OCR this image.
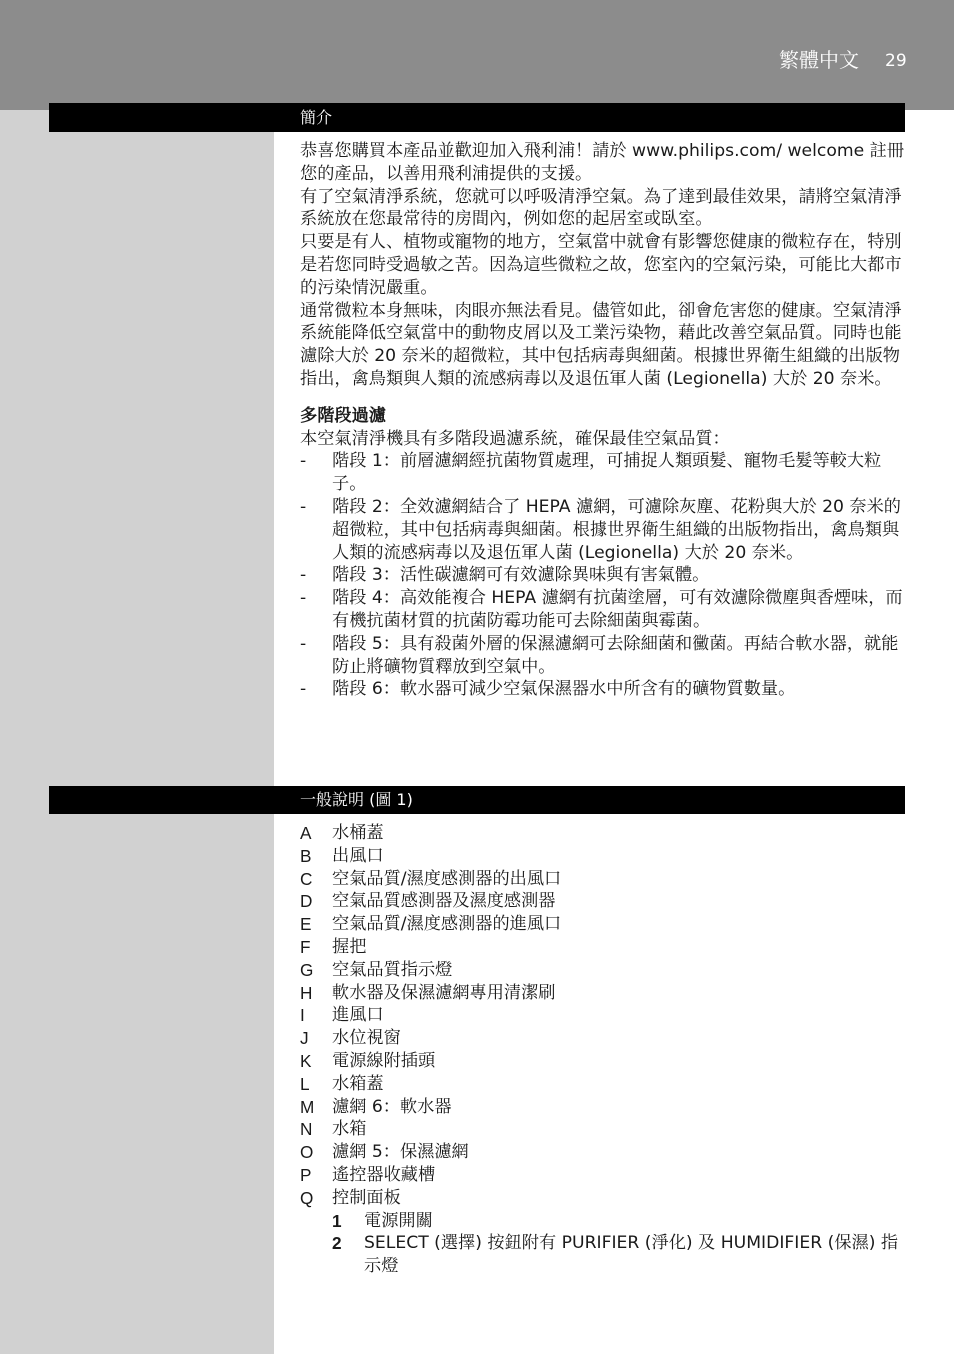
繁體中文 29
簡介

恭喜您購買本產品並歡迎加入飛利浦！請於 www.philips.com/ welcome 註冊您的產品，以善用飛利浦提供的支援。

有了空氣清淨系統，您就可以呼吸清淨空氣。為了達到最佳效果，請將空氣清淨系統放在您最常待的房間內，例如您的起居室或臥室。

只要是有人、植物或寵物的地方，空氣當中就會有影響您健康的微粒存在，特別是若您同時受過敏之苦。因為這些微粒之故，您室內的空氣污染，可能比大都市的污染情況嚴重。

通常微粒本身無味，肉眼亦無法看見。儘管如此，卻會危害您的健康。空氣清淨系統能降低空氣當中的動物皮屑以及工業污染物，藉此改善空氣品質。同時也能濾除大於 20 奈米的超微粒，其中包括病毒與細菌。根據世界衛生組織的出版物指出，禽鳥類與人類的流感病毒以及退伍軍人菌 (Legionella) 大於 20 奈米。

多階段過濾

本空氣清淨機具有多階段過濾系統，確保最佳空氣品質：

- 階段 1：前層濾網經抗菌物質處理，可捕捉人類頭髮、寵物毛髮等較大粒子。
- 階段 2：全效濾網結合了 HEPA 濾網，可濾除灰塵、花粉與大於 20 奈米的超微粒，其中包括病毒與細菌。根據世界衛生組織的出版物指出，禽鳥類與人類的流感病毒以及退伍軍人菌 (Legionella) 大於 20 奈米。
- 階段 3：活性碳濾網可有效濾除異味與有害氣體。
- 階段 4：高效能複合 HEPA 濾網有抗菌塗層，可有效濾除微塵與香煙味，而有機抗菌材質的抗菌防霉功能可去除細菌與霉菌。
- 階段 5：具有殺菌外層的保濕濾網可去除細菌和黴菌。再結合軟水器，就能防止將礦物質釋放到空氣中。
- 階段 6：軟水器可減少空氣保濕器水中所含有的礦物質數量。
一般說明 (圖 1)
A 水桶蓋
B 出風口
C 空氣品質/濕度感測器的出風口
D 空氣品質感測器及濕度感測器
E 空氣品質/濕度感測器的進風口
F 握把
G 空氣品質指示燈
H 軟水器及保濕濾網專用清潔刷
I 進風口
J 水位視窗
K 電源線附插頭
L 水箱蓋
M 濾網 6：軟水器
N 水箱
O 濾網 5：保濕濾網
P 遙控器收藏槽
Q 控制面板
1 電源開關
2 SELECT (選擇) 按鈕附有 PURIFIER (淨化) 及 HUMIDIFIER (保濕) 指示燈
